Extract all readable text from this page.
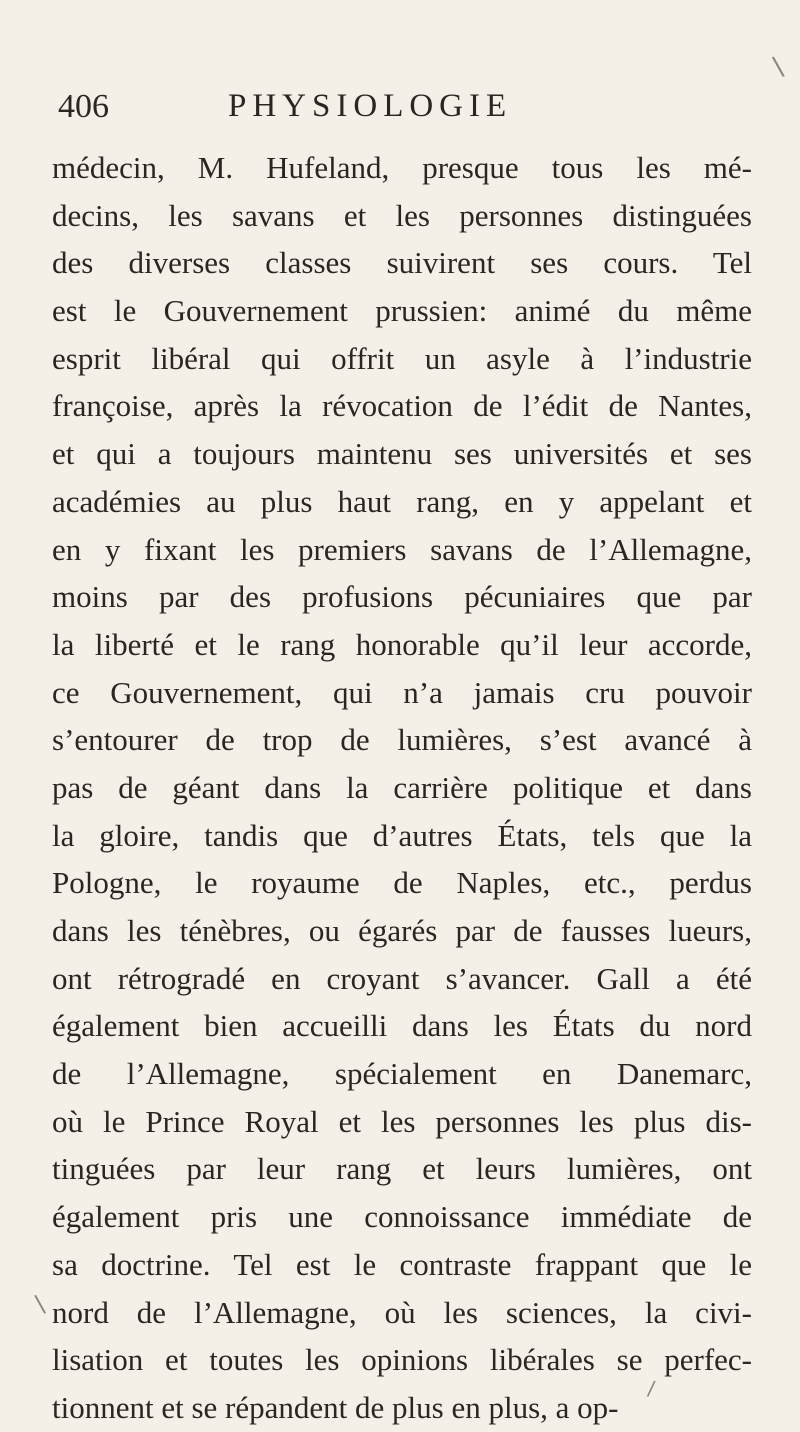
\
406	PHYSIOLOGIE
médecin, M. Hufeland, presque tous les mé-
decins, les savans et les personnes distinguées
des diverses classes suivirent ses cours. Tel
est le Gouvernement prussien: animé du même
esprit libéral qui offrit un asyle à l’industrie
françoise, après la révocation de l’édit de Nantes,
et qui a toujours maintenu ses universités et ses
académies au plus haut rang, en y appelant et
en y fixant les premiers savans de l’Allemagne,
moins par des profusions pécuniaires que par
la liberté et le rang honorable qu’il leur accorde,
ce Gouvernement, qui n’a jamais cru pouvoir
s’entourer de trop de lumières, s’est avancé à
pas de géant dans la carrière politique et dans
la gloire, tandis que d’autres États, tels que la
Pologne, le royaume de Naples, etc., perdus
dans les ténèbres, ou égarés par de fausses lueurs,
ont rétrogradé en croyant s’avancer. Gall a été
également bien accueilli dans les États du nord
de l’Allemagne, spécialement en Danemarc,
où le Prince Royal et les personnes les plus dis-
tinguées par leur rang et leurs lumières, ont
également pris une connoissance immédiate de
sa doctrine. Tel est le contraste frappant que le
nord de l’Allemagne, où les sciences, la civi-
lisation et toutes les opinions libérales se perfec-
tionnent et se répandent de plus en plus, a op-
\
/
